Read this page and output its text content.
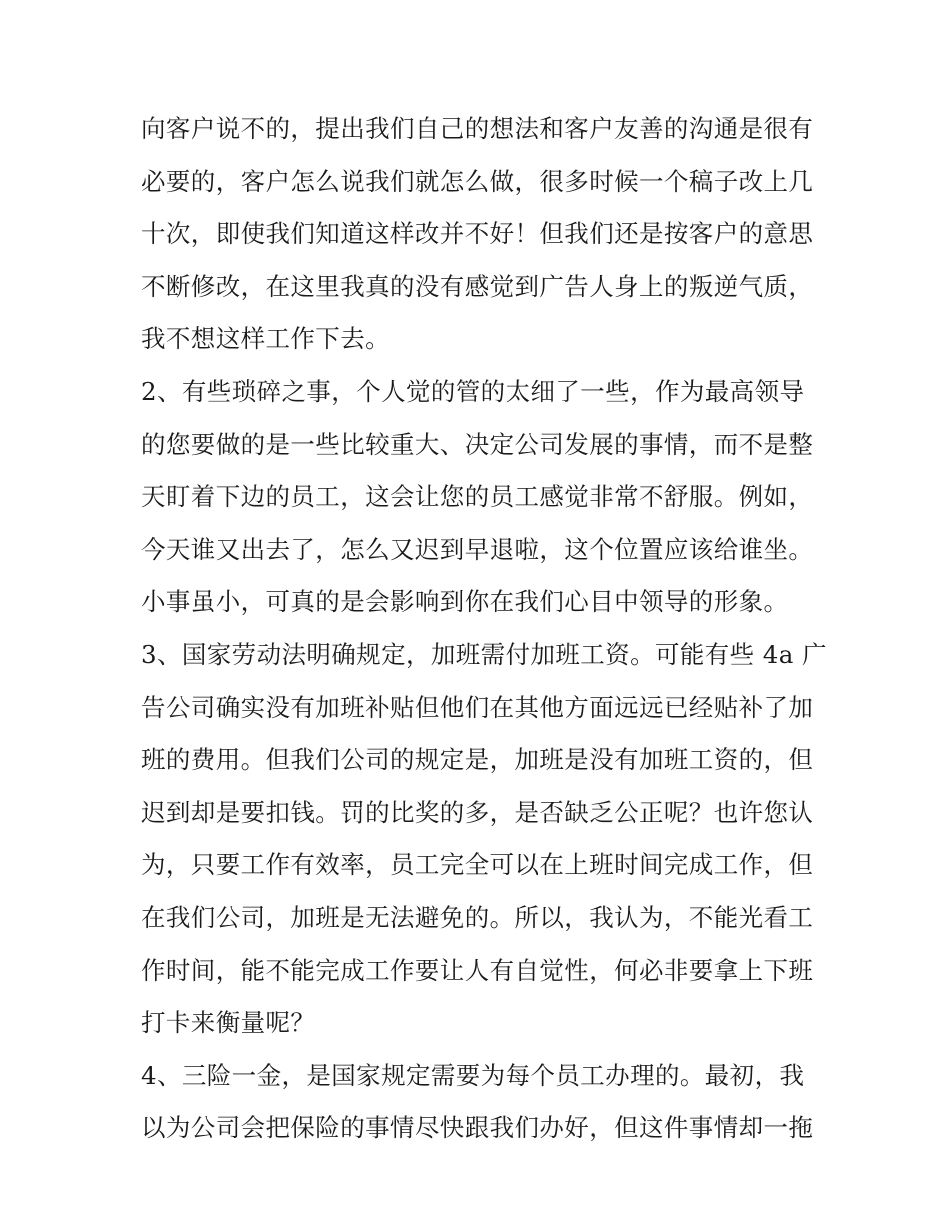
向客户说不的，提出我们自己的想法和客户友善的沟通是很有
必要的，客户怎么说我们就怎么做，很多时候一个稿子改上几
十次，即使我们知道这样改并不好！但我们还是按客户的意思
不断修改，在这里我真的没有感觉到广告人身上的叛逆气质，
我不想这样工作下去。
2、有些琐碎之事，个人觉的管的太细了一些，作为最高领导
的您要做的是一些比较重大、决定公司发展的事情，而不是整
天盯着下边的员工，这会让您的员工感觉非常不舒服。例如，
今天谁又出去了，怎么又迟到早退啦，这个位置应该给谁坐。
小事虽小，可真的是会影响到你在我们心目中领导的形象。
3、国家劳动法明确规定，加班需付加班工资。可能有些 4a 广
告公司确实没有加班补贴但他们在其他方面远远已经贴补了加
班的费用。但我们公司的规定是，加班是没有加班工资的，但
迟到却是要扣钱。罚的比奖的多，是否缺乏公正呢？也许您认
为，只要工作有效率，员工完全可以在上班时间完成工作，但
在我们公司，加班是无法避免的。所以，我认为，不能光看工
作时间，能不能完成工作要让人有自觉性，何必非要拿上下班
打卡来衡量呢？
4、三险一金，是国家规定需要为每个员工办理的。最初，我
以为公司会把保险的事情尽快跟我们办好，但这件事情却一拖
